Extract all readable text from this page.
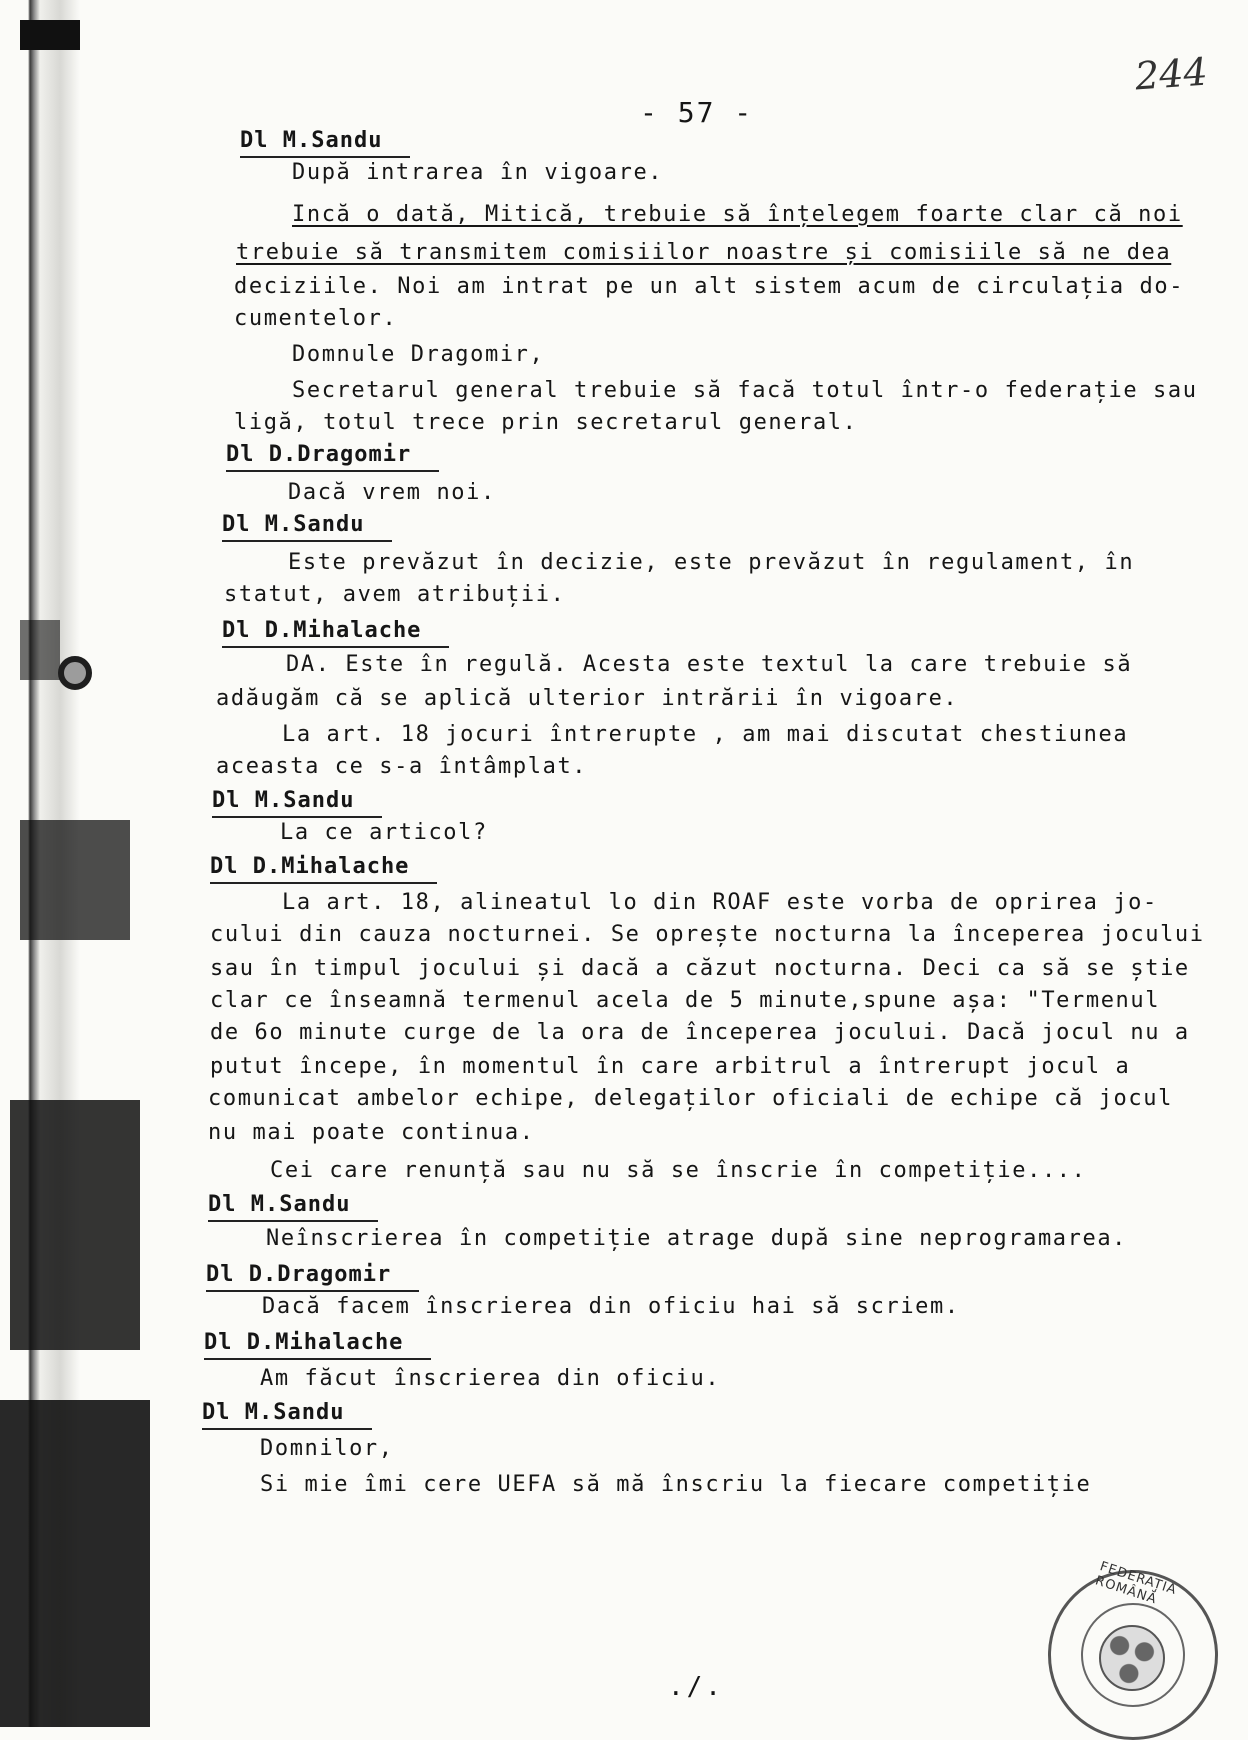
244
- 57 -
Dl M.Sandu
După intrarea în vigoare.
Incă o dată, Mitică, trebuie să înțelegem foarte clar că noi
trebuie să transmitem comisiilor noastre și comisiile să ne dea
deciziile. Noi am intrat pe un alt sistem acum de circulația do-
cumentelor.
Domnule Dragomir,
Secretarul general trebuie să facă totul într-o federație sau
ligă, totul trece prin secretarul general.
Dl D.Dragomir
Dacă vrem noi.
Dl M.Sandu
Este prevăzut în decizie, este prevăzut în regulament, în
statut, avem atribuții.
Dl D.Mihalache
DA. Este în regulă. Acesta este textul la care trebuie să
adăugăm că se aplică ulterior intrării în vigoare.
La art. 18 jocuri întrerupte , am mai discutat chestiunea
aceasta ce s-a întâmplat.
Dl M.Sandu
La ce articol?
Dl D.Mihalache
La art. 18, alineatul lo din ROAF este vorba de oprirea jo-
cului din cauza nocturnei. Se oprește nocturna la începerea jocului
sau în timpul jocului și dacă a căzut nocturna. Deci ca să se știe
clar ce înseamnă termenul acela de 5 minute,spune așa: "Termenul
de 6o minute curge de la ora de începerea jocului. Dacă jocul nu a
putut începe, în momentul în care arbitrul a întrerupt jocul a
comunicat ambelor echipe, delegaților oficiali de echipe că jocul
nu mai poate continua.
Cei care renunță sau nu să se înscrie în competiție....
Dl M.Sandu
Neînscrierea în competiție atrage după sine neprogramarea.
Dl D.Dragomir
Dacă facem înscrierea din oficiu hai să scriem.
Dl D.Mihalache
Am făcut înscrierea din oficiu.
Dl M.Sandu
Domnilor,
Si mie îmi cere UEFA să mă înscriu la fiecare competiție
./.
FEDERAȚIA ROMÂNĂ
